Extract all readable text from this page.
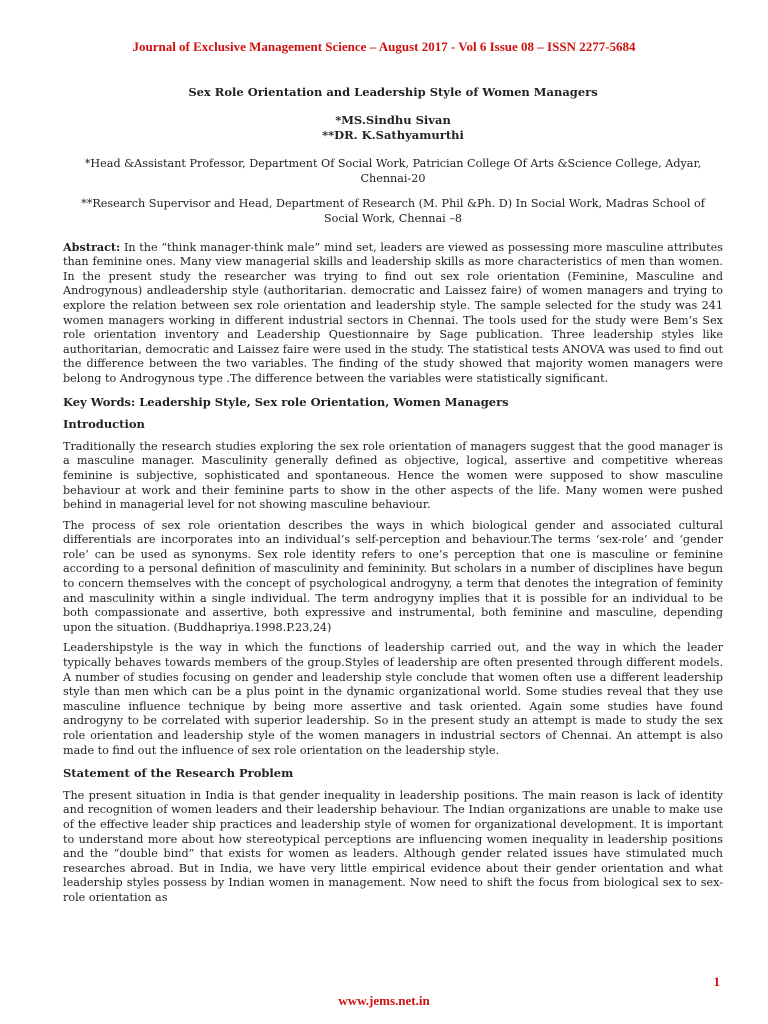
Journal of Exclusive Management Science – August 2017 - Vol 6 Issue 08 – ISSN 2277-5684
Sex Role Orientation and Leadership Style of Women Managers
*MS.Sindhu Sivan
**DR. K.Sathyamurthi
*Head &Assistant Professor, Department Of Social Work, Patrician College Of Arts &Science College, Adyar, Chennai-20
**Research Supervisor and Head, Department of Research (M. Phil &Ph. D) In Social Work, Madras School of Social Work, Chennai –8

Abstract: In the “think manager-think male” mind set, leaders are viewed as possessing more masculine attributes than feminine ones. Many view managerial skills and leadership skills as more characteristics of men than women. In the present study the researcher was trying to find out sex role orientation (Feminine, Masculine and Androgynous) andleadership style (authoritarian. democratic and Laissez faire) of women managers and trying to explore the relation between sex role orientation and leadership style. The sample selected for the study was 241 women managers working in different industrial sectors in Chennai. The tools used for the study were Bem’s Sex role orientation inventory and Leadership Questionnaire by Sage publication. Three leadership styles like authoritarian, democratic and Laissez faire were used in the study. The statistical tests ANOVA was used to find out the difference between the two variables. The finding of the study showed that majority women managers were belong to Androgynous type .The difference between the variables were statistically significant.

Key Words: Leadership Style, Sex role Orientation, Women Managers
Introduction

Traditionally the research studies exploring the sex role orientation of managers suggest that the good manager is a masculine manager. Masculinity generally defined as objective, logical, assertive and competitive whereas feminine is subjective, sophisticated and spontaneous. Hence the women were supposed to show masculine behaviour at work and their feminine parts to show in the other aspects of the life. Many women were pushed behind in managerial level for not showing masculine behaviour.

The process of sex role orientation describes the ways in which biological gender and associated cultural differentials are incorporates into an individual’s self-perception and behaviour.The terms ‘sex-role’ and ‘gender role’ can be used as synonyms. Sex role identity refers to one’s perception that one is masculine or feminine according to a personal definition of masculinity and femininity. But scholars in a number of disciplines have begun to concern themselves with the concept of psychological androgyny, a term that denotes the integration of feminity and masculinity within a single individual. The term androgyny implies that it is possible for an individual to be both compassionate and assertive, both expressive and instrumental, both feminine and masculine, depending upon the situation. (Buddhapriya.1998.P.23,24)

Leadershipstyle is the way in which the functions of leadership carried out, and the way in which the leader typically behaves towards members of the group.Styles of leadership are often presented through different models. A number of studies focusing on gender and leadership style conclude that women often use a different leadership style than men which can be a plus point in the dynamic organizational world. Some studies reveal that they use masculine influence technique by being more assertive and task oriented. Again some studies have found androgyny to be correlated with superior leadership. So in the present study an attempt is made to study the sex role orientation and leadership style of the women managers in industrial sectors of Chennai. An attempt is also made to find out the influence of sex role orientation on the leadership style.

Statement of the Research Problem

The present situation in India is that gender inequality in leadership positions. The main reason is lack of identity and recognition of women leaders and their leadership behaviour. The Indian organizations are unable to make use of the effective leader ship practices and leadership style of women for organizational development. It is important to understand more about how stereotypical perceptions are influencing women inequality in leadership positions and the “double bind” that exists for women as leaders. Although gender related issues have stimulated much researches abroad. But in India, we have very little empirical evidence about their gender orientation and what leadership styles possess by Indian women in management. Now need to shift the focus from biological sex to sex-role orientation as

1
www.jems.net.in
